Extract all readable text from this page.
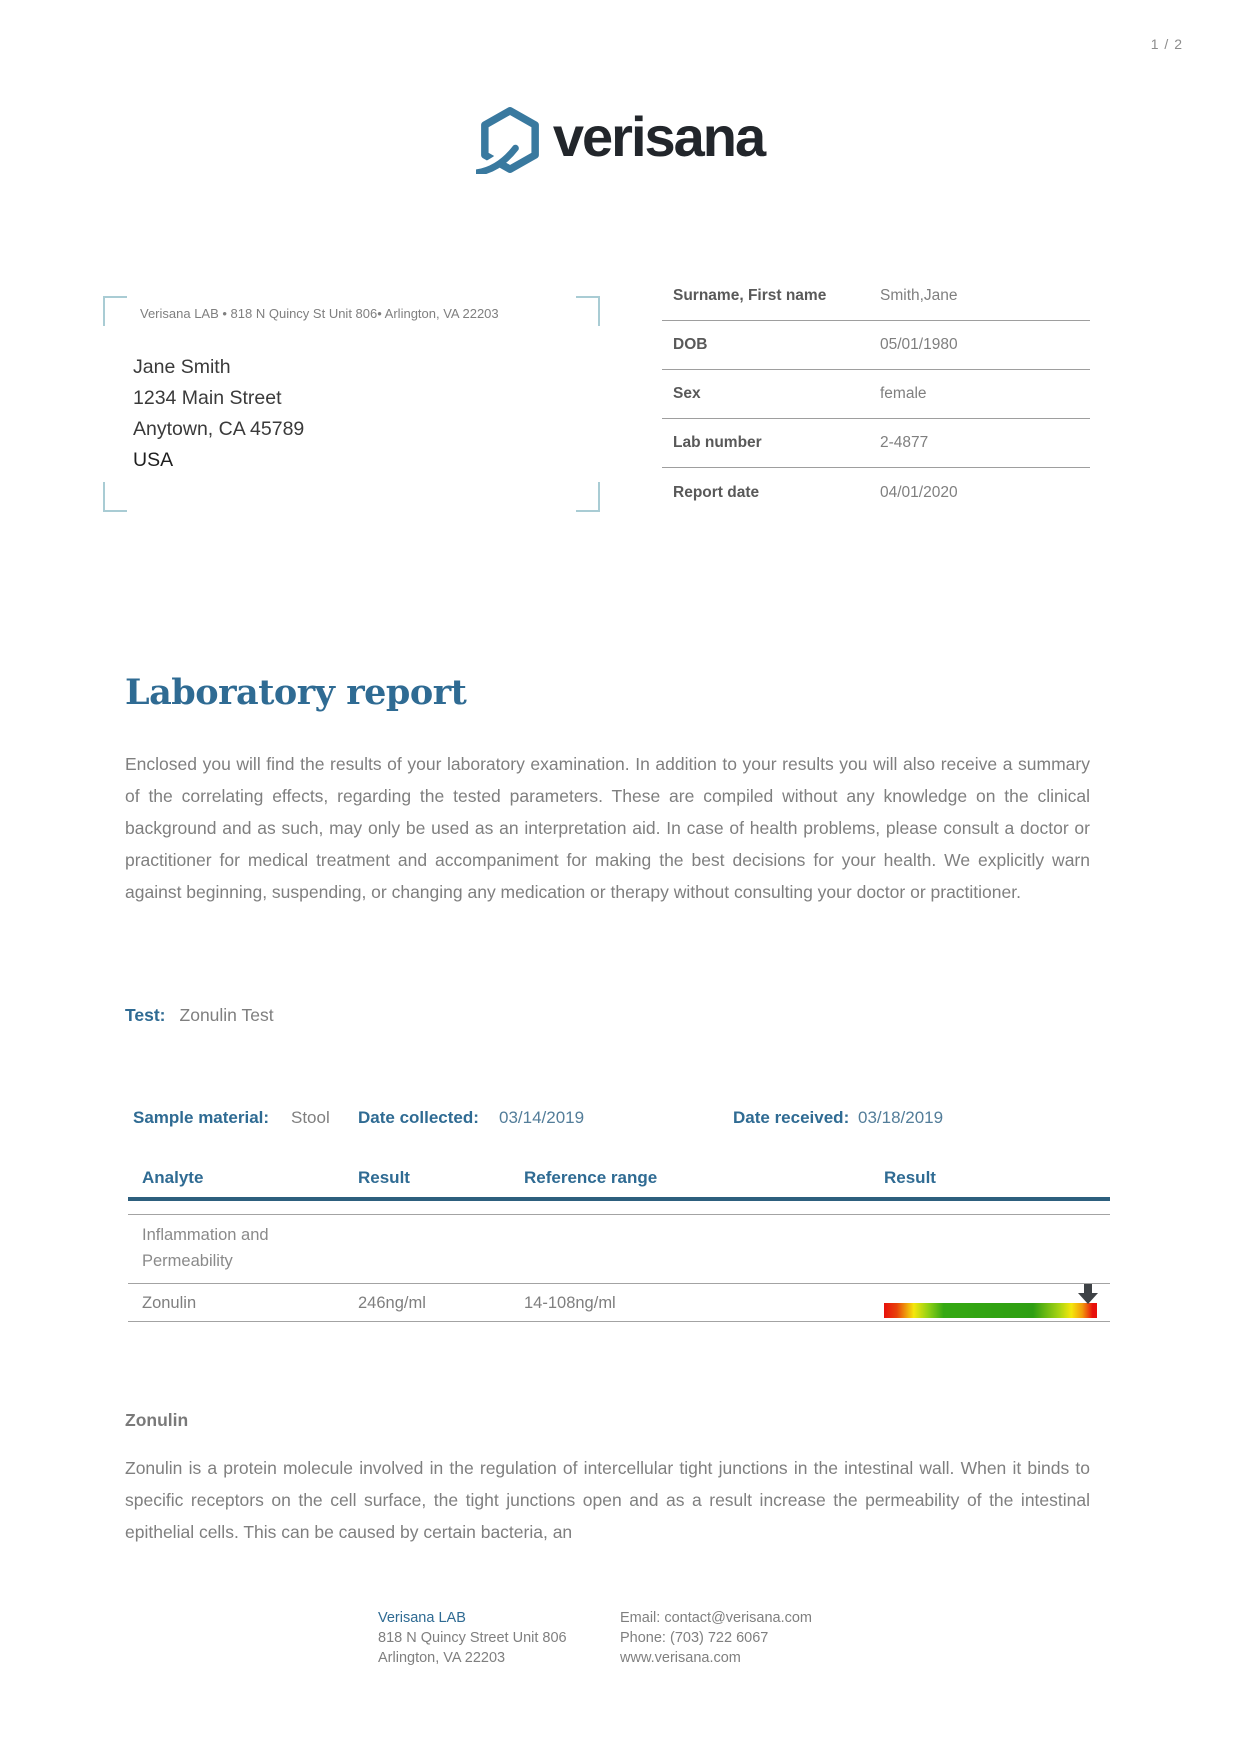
1 / 2
verisana
Verisana LAB • 818 N Quincy St Unit 806• Arlington, VA 22203
Jane Smith
1234 Main Street
Anytown, CA 45789
USA
Surname, First name	Smith,Jane
DOB	05/01/1980
Sex	female
Lab number	2-4877
Report date	04/01/2020
Laboratory report

Enclosed you will find the results of your laboratory examination. In addition to your results you will also receive a summary of the correlating effects, regarding the tested parameters. These are compiled without any knowledge on the clinical background and as such, may only be used as an interpretation aid. In case of health problems, please consult a doctor or practitioner for medical treatment and accompaniment for making the best decisions for your health. We explicitly warn against beginning, suspending, or changing any medication or therapy without consulting your doctor or practitioner.

Test: Zonulin Test
Sample material: Stool Date collected: 03/14/2019	Date received: 03/18/2019
Analyte	Result	Reference range	Result
Inflammation and Permeability
Zonulin	246ng/ml	14-108ng/ml
Zonulin

Zonulin is a protein molecule involved in the regulation of intercellular tight junctions in the intestinal wall. When it binds to specific receptors on the cell surface, the tight junctions open and as a result increase the permeability of the intestinal epithelial cells. This can be caused by certain bacteria, an

Verisana LAB
818 N Quincy Street Unit 806
Arlington, VA 22203
Email: contact@verisana.com
Phone: (703) 722 6067
www.verisana.com
